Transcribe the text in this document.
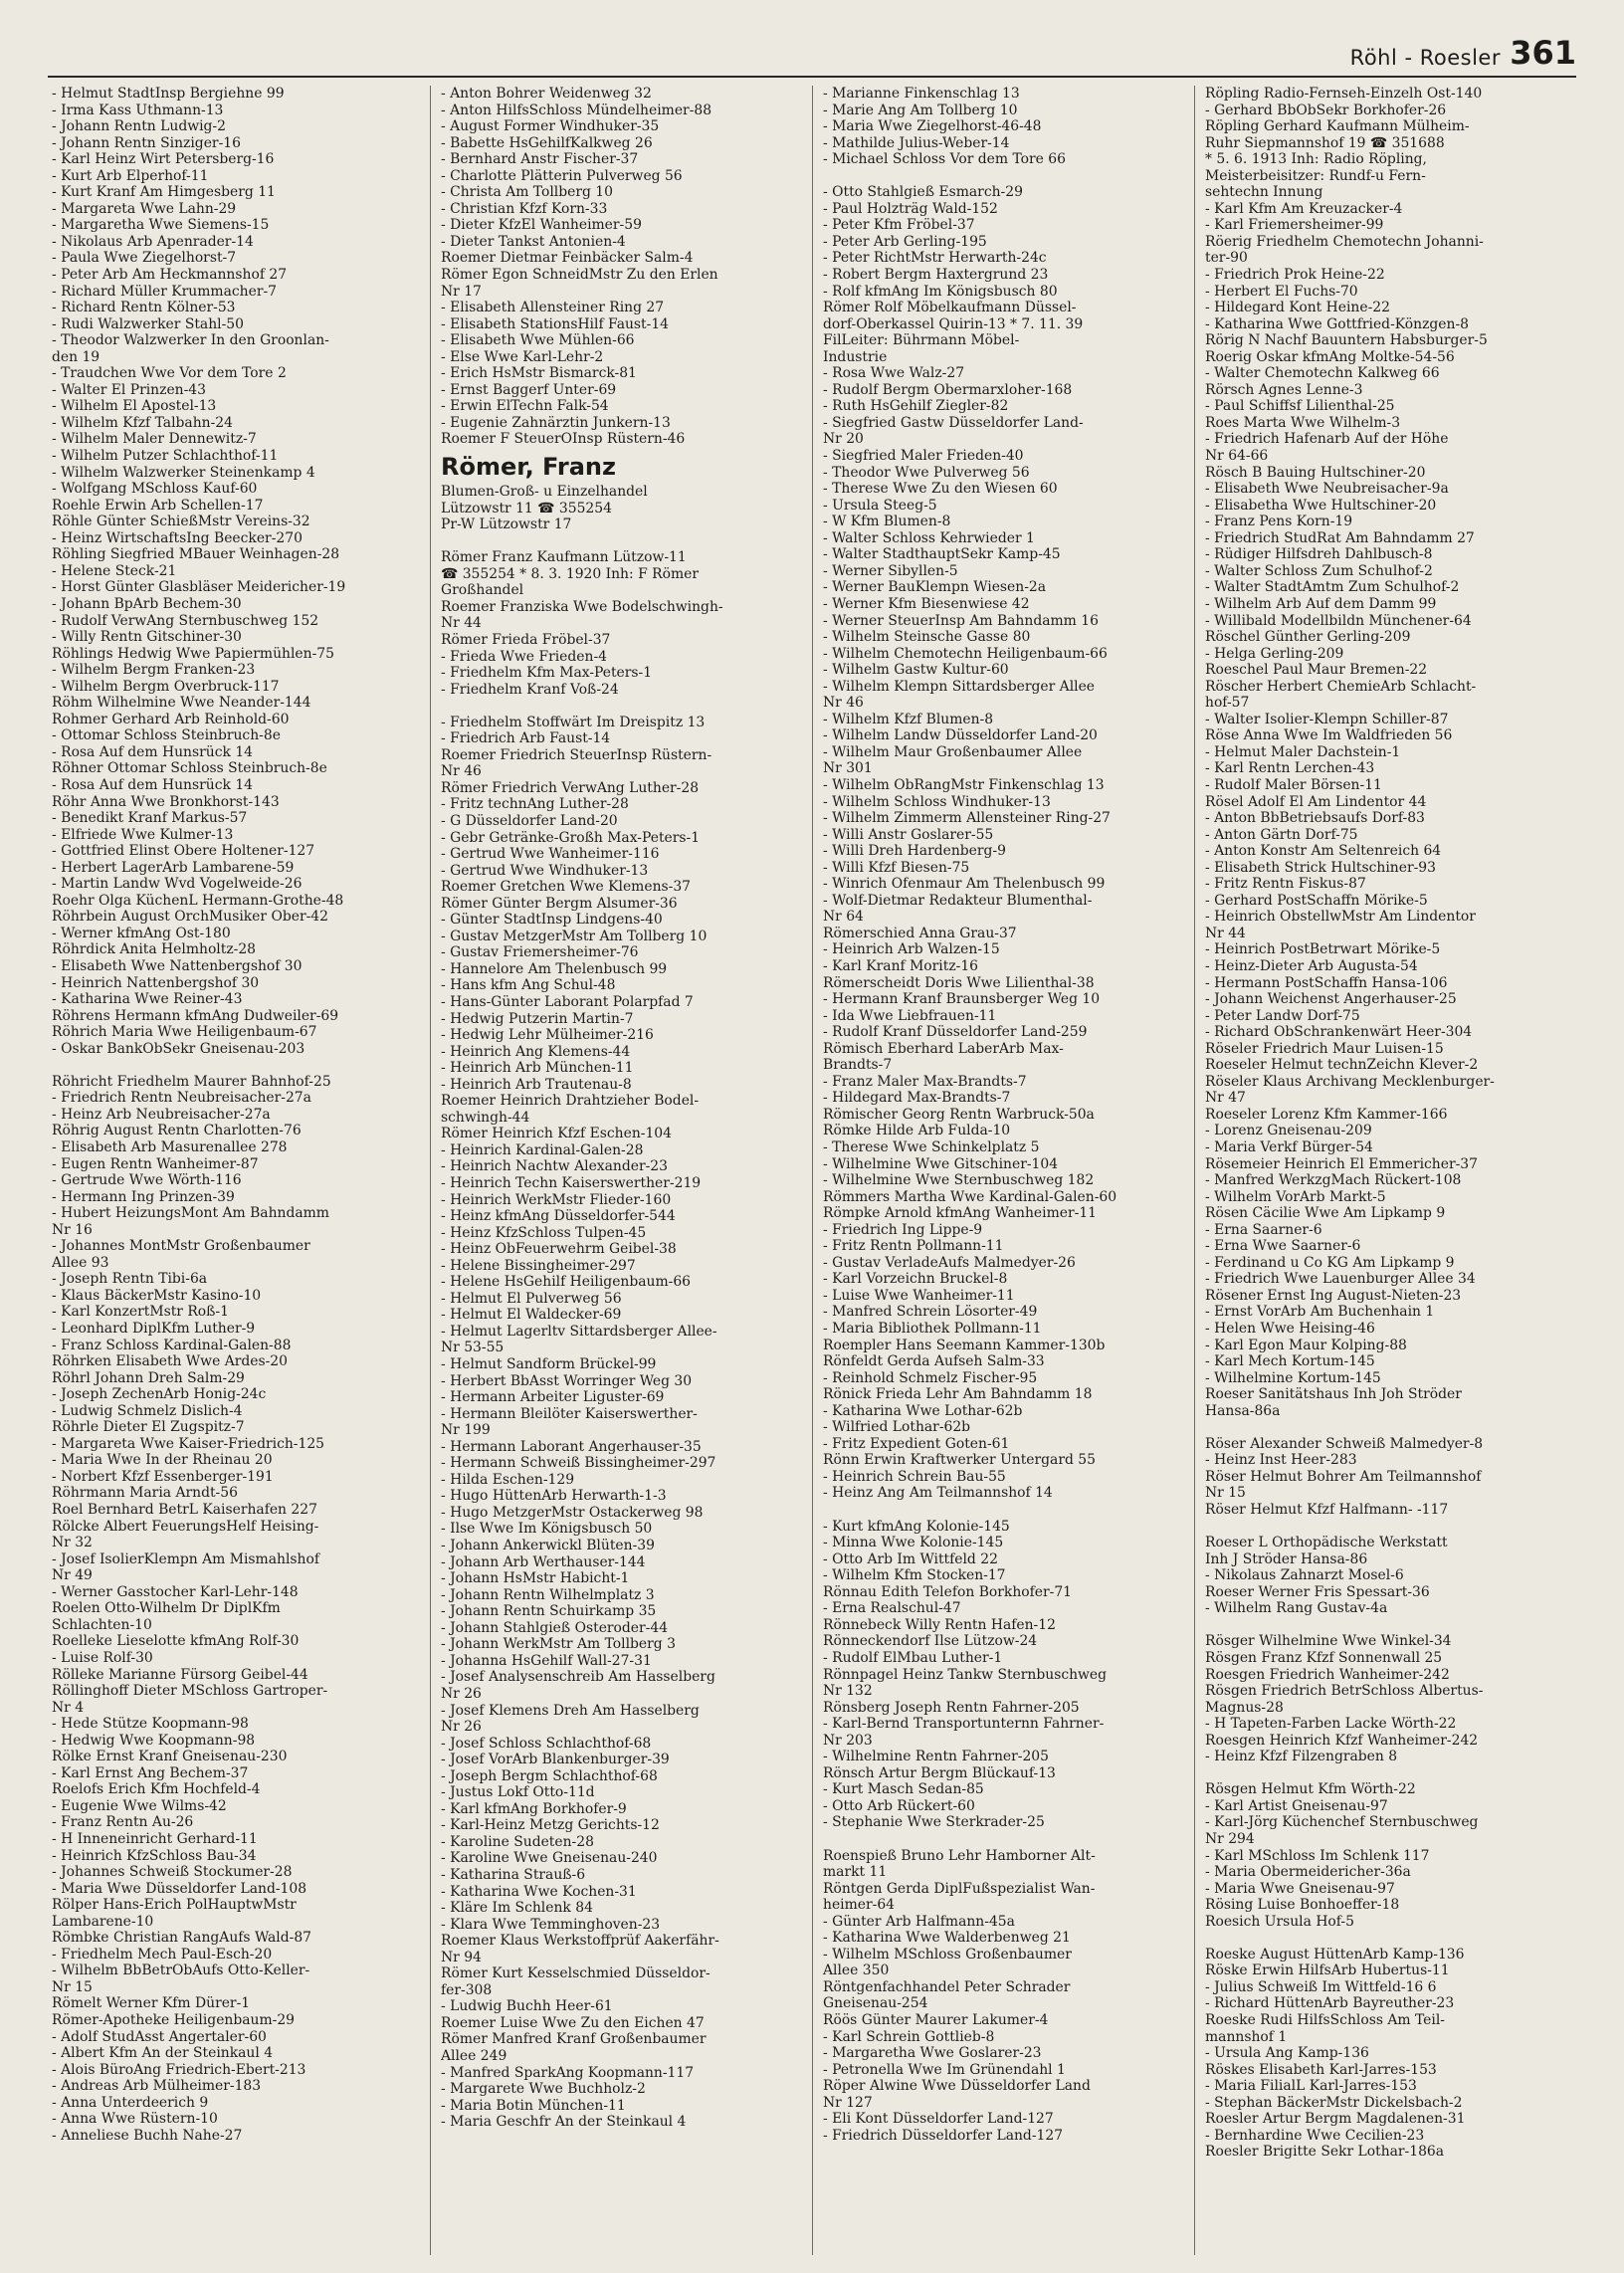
Röhl - Roesler 361
- Helmut StadtInsp Bergiehne 99
- Irma Kass Uthmann-13
- Johann Rentn Ludwig-2
- Johann Rentn Sinziger-16
- Karl Heinz Wirt Petersberg-16
- Kurt Arb Elperhof-11
- Kurt Kranf Am Himgesberg 11
- Margareta Wwe Lahn-29
- Margaretha Wwe Siemens-15
- Nikolaus Arb Apenrader-14
- Paula Wwe Ziegelhorst-7
- Peter Arb Am Heckmannshof 27
- Richard Müller Krummacher-7
- Richard Rentn Kölner-53
- Rudi Walzwerker Stahl-50
- Theodor Walzwerker In den Groonlan-
den 19
- Traudchen Wwe Vor dem Tore 2
- Walter El Prinzen-43
- Wilhelm El Apostel-13
- Wilhelm Kfzf Talbahn-24
- Wilhelm Maler Dennewitz-7
- Wilhelm Putzer Schlachthof-11
- Wilhelm Walzwerker Steinenkamp 4
- Wolfgang MSchloss Kauf-60
Roehle Erwin Arb Schellen-17
Röhle Günter SchießMstr Vereins-32
- Heinz WirtschaftsIng Beecker-270
Röhling Siegfried MBauer Weinhagen-28
- Helene Steck-21
- Horst Günter Glasbläser Meidericher-19
- Johann BpArb Bechem-30
- Rudolf VerwAng Sternbuschweg 152
- Willy Rentn Gitschiner-30
Röhlings Hedwig Wwe Papiermühlen-75
- Wilhelm Bergm Franken-23
- Wilhelm Bergm Overbruck-117
Röhm Wilhelmine Wwe Neander-144
Rohmer Gerhard Arb Reinhold-60
- Ottomar Schloss Steinbruch-8e
- Rosa Auf dem Hunsrück 14
Röhner Ottomar Schloss Steinbruch-8e
- Rosa Auf dem Hunsrück 14
Röhr Anna Wwe Bronkhorst-143
- Benedikt Kranf Markus-57
- Elfriede Wwe Kulmer-13
- Gottfried Elinst Obere Holtener-127
- Herbert LagerArb Lambarene-59
- Martin Landw Wvd Vogelweide-26
Roehr Olga KüchenL Hermann-Grothe-48
Röhrbein August OrchMusiker Ober-42
- Werner kfmAng Ost-180
Röhrdick Anita Helmholtz-28
- Elisabeth Wwe Nattenbergshof 30
- Heinrich Nattenbergshof 30
- Katharina Wwe Reiner-43
Röhrens Hermann kfmAng Dudweiler-69
Röhrich Maria Wwe Heiligenbaum-67
- Oskar BankObSekr Gneisenau-203
Röhricht Friedhelm Maurer Bahnhof-25
- Friedrich Rentn Neubreisacher-27a
- Heinz Arb Neubreisacher-27a
Röhrig August Rentn Charlotten-76
- Elisabeth Arb Masurenallee 278
- Eugen Rentn Wanheimer-87
- Gertrude Wwe Wörth-116
- Hermann Ing Prinzen-39
- Hubert HeizungsMont Am Bahndamm
Nr 16
- Johannes MontMstr Großenbaumer
Allee 93
- Joseph Rentn Tibi-6a
- Klaus BäckerMstr Kasino-10
- Karl KonzertMstr Roß-1
- Leonhard DiplKfm Luther-9
- Franz Schloss Kardinal-Galen-88
Röhrken Elisabeth Wwe Ardes-20
Röhrl Johann Dreh Salm-29
- Joseph ZechenArb Honig-24c
- Ludwig Schmelz Dislich-4
Röhrle Dieter El Zugspitz-7
- Margareta Wwe Kaiser-Friedrich-125
- Maria Wwe In der Rheinau 20
- Norbert Kfzf Essenberger-191
Röhrmann Maria Arndt-56
Roel Bernhard BetrL Kaiserhafen 227
Rölcke Albert FeuerungsHelf Heising-
Nr 32
- Josef IsolierKlempn Am Mismahlshof
Nr 49
- Werner Gasstocher Karl-Lehr-148
Roelen Otto-Wilhelm Dr DiplKfm
Schlachten-10
Roelleke Lieselotte kfmAng Rolf-30
- Luise Rolf-30
Rölleke Marianne Fürsorg Geibel-44
Röllinghoff Dieter MSchloss Gartroper-
Nr 4
- Hede Stütze Koopmann-98
- Hedwig Wwe Koopmann-98
Rölke Ernst Kranf Gneisenau-230
- Karl Ernst Ang Bechem-37
Roelofs Erich Kfm Hochfeld-4
- Eugenie Wwe Wilms-42
- Franz Rentn Au-26
- H Inneneinricht Gerhard-11
- Heinrich KfzSchloss Bau-34
- Johannes Schweiß Stockumer-28
- Maria Wwe Düsseldorfer Land-108
Rölper Hans-Erich PolHauptwMstr
Lambarene-10
Römbke Christian RangAufs Wald-87
- Friedhelm Mech Paul-Esch-20
- Wilhelm BbBetrObAufs Otto-Keller-
Nr 15
Römelt Werner Kfm Dürer-1
Römer-Apotheke Heiligenbaum-29
- Adolf StudAsst Angertaler-60
- Albert Kfm An der Steinkaul 4
- Alois BüroAng Friedrich-Ebert-213
- Andreas Arb Mülheimer-183
- Anna Unterdeerich 9
- Anna Wwe Rüstern-10
- Anneliese Buchh Nahe-27
- Anton Bohrer Weidenweg 32
- Anton HilfsSchloss Mündelheimer-88
- August Former Windhuker-35
- Babette HsGehilfKalkweg 26
- Bernhard Anstr Fischer-37
- Charlotte Plätterin Pulverweg 56
- Christa Am Tollberg 10
- Christian Kfzf Korn-33
- Dieter KfzEl Wanheimer-59
- Dieter Tankst Antonien-4
Roemer Dietmar Feinbäcker Salm-4
Römer Egon SchneidMstr Zu den Erlen
Nr 17
- Elisabeth Allensteiner Ring 27
- Elisabeth StationsHilf Faust-14
- Elisabeth Wwe Mühlen-66
- Else Wwe Karl-Lehr-2
- Erich HsMstr Bismarck-81
- Ernst Baggerf Unter-69
- Erwin ElTechn Falk-54
- Eugenie Zahnärztin Junkern-13
Roemer F SteuerOInsp Rüstern-46
Römer, Franz
Blumen-Groß- u Einzelhandel
Lützowstr 11 ☎ 355254
Pr-W Lützowstr 17
Römer Franz Kaufmann Lützow-11
☎ 355254 * 8. 3. 1920 Inh: F Römer
Großhandel
Roemer Franziska Wwe Bodelschwingh-
Nr 44
Römer Frieda Fröbel-37
- Frieda Wwe Frieden-4
- Friedhelm Kfm Max-Peters-1
- Friedhelm Kranf Voß-24
- Friedhelm Stoffwärt Im Dreispitz 13
- Friedrich Arb Faust-14
Roemer Friedrich SteuerInsp Rüstern-
Nr 46
Römer Friedrich VerwAng Luther-28
- Fritz technAng Luther-28
- G Düsseldorfer Land-20
- Gebr Getränke-Großh Max-Peters-1
- Gertrud Wwe Wanheimer-116
- Gertrud Wwe Windhuker-13
Roemer Gretchen Wwe Klemens-37
Römer Günter Bergm Alsumer-36
- Günter StadtInsp Lindgens-40
- Gustav MetzgerMstr Am Tollberg 10
- Gustav Friemersheimer-76
- Hannelore Am Thelenbusch 99
- Hans kfm Ang Schul-48
- Hans-Günter Laborant Polarpfad 7
- Hedwig Putzerin Martin-7
- Hedwig Lehr Mülheimer-216
- Heinrich Ang Klemens-44
- Heinrich Arb München-11
- Heinrich Arb Trautenau-8
Roemer Heinrich Drahtzieher Bodel-
schwingh-44
Römer Heinrich Kfzf Eschen-104
- Heinrich Kardinal-Galen-28
- Heinrich Nachtw Alexander-23
- Heinrich Techn Kaiserswerther-219
- Heinrich WerkMstr Flieder-160
- Heinz kfmAng Düsseldorfer-544
- Heinz KfzSchloss Tulpen-45
- Heinz ObFeuerwehrm Geibel-38
- Helene Bissingheimer-297
- Helene HsGehilf Heiligenbaum-66
- Helmut El Pulverweg 56
- Helmut El Waldecker-69
- Helmut Lagerltv Sittardsberger Allee-
Nr 53-55
- Helmut Sandform Brückel-99
- Herbert BbAsst Worringer Weg 30
- Hermann Arbeiter Liguster-69
- Hermann Bleilöter Kaiserswerther-
Nr 199
- Hermann Laborant Angerhauser-35
- Hermann Schweiß Bissingheimer-297
- Hilda Eschen-129
- Hugo HüttenArb Herwarth-1-3
- Hugo MetzgerMstr Ostackerweg 98
- Ilse Wwe Im Königsbusch 50
- Johann Ankerwickl Blüten-39
- Johann Arb Werthauser-144
- Johann HsMstr Habicht-1
- Johann Rentn Wilhelmplatz 3
- Johann Rentn Schuirkamp 35
- Johann Stahlgieß Osteroder-44
- Johann WerkMstr Am Tollberg 3
- Johanna HsGehilf Wall-27-31
- Josef Analysenschreib Am Hasselberg
Nr 26
- Josef Klemens Dreh Am Hasselberg
Nr 26
- Josef Schloss Schlachthof-68
- Josef VorArb Blankenburger-39
- Joseph Bergm Schlachthof-68
- Justus Lokf Otto-11d
- Karl kfmAng Borkhofer-9
- Karl-Heinz Metzg Gerichts-12
- Karoline Sudeten-28
- Karoline Wwe Gneisenau-240
- Katharina Strauß-6
- Katharina Wwe Kochen-31
- Kläre Im Schlenk 84
- Klara Wwe Temminghoven-23
Roemer Klaus Werkstoffprüf Aakerfähr-
Nr 94
Römer Kurt Kesselschmied Düsseldor-
fer-308
- Ludwig Buchh Heer-61
Roemer Luise Wwe Zu den Eichen 47
Römer Manfred Kranf Großenbaumer
Allee 249
- Manfred SparkAng Koopmann-117
- Margarete Wwe Buchholz-2
- Maria Botin München-11
- Maria Geschfr An der Steinkaul 4
- Marianne Finkenschlag 13
- Marie Ang Am Tollberg 10
- Maria Wwe Ziegelhorst-46-48
- Mathilde Julius-Weber-14
- Michael Schloss Vor dem Tore 66
- Otto Stahlgieß Esmarch-29
- Paul Holzträg Wald-152
- Peter Kfm Fröbel-37
- Peter Arb Gerling-195
- Peter RichtMstr Herwarth-24c
- Robert Bergm Haxtergrund 23
- Rolf kfmAng Im Königsbusch 80
Römer Rolf Möbelkaufmann Düssel-
dorf-Oberkassel Quirin-13 * 7. 11. 39
FilLeiter: Bührmann Möbel-
Industrie
- Rosa Wwe Walz-27
- Rudolf Bergm Obermarxloher-168
- Ruth HsGehilf Ziegler-82
- Siegfried Gastw Düsseldorfer Land-
Nr 20
- Siegfried Maler Frieden-40
- Theodor Wwe Pulverweg 56
- Therese Wwe Zu den Wiesen 60
- Ursula Steeg-5
- W Kfm Blumen-8
- Walter Schloss Kehrwieder 1
- Walter StadthauptSekr Kamp-45
- Werner Sibyllen-5
- Werner BauKlempn Wiesen-2a
- Werner Kfm Biesenwiese 42
- Werner SteuerInsp Am Bahndamm 16
- Wilhelm Steinsche Gasse 80
- Wilhelm Chemotechn Heiligenbaum-66
- Wilhelm Gastw Kultur-60
- Wilhelm Klempn Sittardsberger Allee
Nr 46
- Wilhelm Kfzf Blumen-8
- Wilhelm Landw Düsseldorfer Land-20
- Wilhelm Maur Großenbaumer Allee
Nr 301
- Wilhelm ObRangMstr Finkenschlag 13
- Wilhelm Schloss Windhuker-13
- Wilhelm Zimmerm Allensteiner Ring-27
- Willi Anstr Goslarer-55
- Willi Dreh Hardenberg-9
- Willi Kfzf Biesen-75
- Winrich Ofenmaur Am Thelenbusch 99
- Wolf-Dietmar Redakteur Blumenthal-
Nr 64
Römerschied Anna Grau-37
- Heinrich Arb Walzen-15
- Karl Kranf Moritz-16
Römerscheidt Doris Wwe Lilienthal-38
- Hermann Kranf Braunsberger Weg 10
- Ida Wwe Liebfrauen-11
- Rudolf Kranf Düsseldorfer Land-259
Römisch Eberhard LaberArb Max-
Brandts-7
- Franz Maler Max-Brandts-7
- Hildegard Max-Brandts-7
Römischer Georg Rentn Warbruck-50a
Römke Hilde Arb Fulda-10
- Therese Wwe Schinkelplatz 5
- Wilhelmine Wwe Gitschiner-104
- Wilhelmine Wwe Sternbuschweg 182
Römmers Martha Wwe Kardinal-Galen-60
Römpke Arnold kfmAng Wanheimer-11
- Friedrich Ing Lippe-9
- Fritz Rentn Pollmann-11
- Gustav VerladeAufs Malmedyer-26
- Karl Vorzeichn Bruckel-8
- Luise Wwe Wanheimer-11
- Manfred Schrein Lösorter-49
- Maria Bibliothek Pollmann-11
Roempler Hans Seemann Kammer-130b
Rönfeldt Gerda Aufseh Salm-33
- Reinhold Schmelz Fischer-95
Rönick Frieda Lehr Am Bahndamm 18
- Katharina Wwe Lothar-62b
- Wilfried Lothar-62b
- Fritz Expedient Goten-61
Rönn Erwin Kraftwerker Untergard 55
- Heinrich Schrein Bau-55
- Heinz Ang Am Teilmannshof 14
- Kurt kfmAng Kolonie-145
- Minna Wwe Kolonie-145
- Otto Arb Im Wittfeld 22
- Wilhelm Kfm Stocken-17
Rönnau Edith Telefon Borkhofer-71
- Erna Realschul-47
Rönnebeck Willy Rentn Hafen-12
Rönneckendorf Ilse Lützow-24
- Rudolf ElMbau Luther-1
Rönnpagel Heinz Tankw Sternbuschweg
Nr 132
Rönsberg Joseph Rentn Fahrner-205
- Karl-Bernd Transportunternn Fahrner-
Nr 203
- Wilhelmine Rentn Fahrner-205
Rönsch Artur Bergm Blückauf-13
- Kurt Masch Sedan-85
- Otto Arb Rückert-60
- Stephanie Wwe Sterkrader-25
Roenspieß Bruno Lehr Hamborner Alt-
markt 11
Röntgen Gerda DiplFußspezialist Wan-
heimer-64
- Günter Arb Halfmann-45a
- Katharina Wwe Walderbenweg 21
- Wilhelm MSchloss Großenbaumer
Allee 350
Röntgenfachhandel Peter Schrader
Gneisenau-254
Röös Günter Maurer Lakumer-4
- Karl Schrein Gottlieb-8
- Margaretha Wwe Goslarer-23
- Petronella Wwe Im Grünendahl 1
Röper Alwine Wwe Düsseldorfer Land
Nr 127
- Eli Kont Düsseldorfer Land-127
- Friedrich Düsseldorfer Land-127
Röpling Radio-Fernseh-Einzelh Ost-140
- Gerhard BbObSekr Borkhofer-26
Röpling Gerhard Kaufmann Mülheim-
Ruhr Siepmannshof 19 ☎ 351688
* 5. 6. 1913 Inh: Radio Röpling,
Meisterbeisitzer: Rundf-u Fern-
sehtechn Innung
- Karl Kfm Am Kreuzacker-4
- Karl Friemersheimer-99
Röerig Friedhelm Chemotechn Johanni-
ter-90
- Friedrich Prok Heine-22
- Herbert El Fuchs-70
- Hildegard Kont Heine-22
- Katharina Wwe Gottfried-Könzgen-8
Rörig N Nachf Bauuntern Habsburger-5
Roerig Oskar kfmAng Moltke-54-56
- Walter Chemotechn Kalkweg 66
Rörsch Agnes Lenne-3
- Paul Schiffsf Lilienthal-25
Roes Marta Wwe Wilhelm-3
- Friedrich Hafenarb Auf der Höhe
Nr 64-66
Rösch B Bauing Hultschiner-20
- Elisabeth Wwe Neubreisacher-9a
- Elisabetha Wwe Hultschiner-20
- Franz Pens Korn-19
- Friedrich StudRat Am Bahndamm 27
- Rüdiger Hilfsdreh Dahlbusch-8
- Walter Schloss Zum Schulhof-2
- Walter StadtAmtm Zum Schulhof-2
- Wilhelm Arb Auf dem Damm 99
- Willibald Modellbildn Münchener-64
Röschel Günther Gerling-209
- Helga Gerling-209
Roeschel Paul Maur Bremen-22
Röscher Herbert ChemieArb Schlacht-
hof-57
- Walter Isolier-Klempn Schiller-87
Röse Anna Wwe Im Waldfrieden 56
- Helmut Maler Dachstein-1
- Karl Rentn Lerchen-43
- Rudolf Maler Börsen-11
Rösel Adolf El Am Lindentor 44
- Anton BbBetriebsaufs Dorf-83
- Anton Gärtn Dorf-75
- Anton Konstr Am Seltenreich 64
- Elisabeth Strick Hultschiner-93
- Fritz Rentn Fiskus-87
- Gerhard PostSchaffn Mörike-5
- Heinrich ObstellwMstr Am Lindentor
Nr 44
- Heinrich PostBetrwart Mörike-5
- Heinz-Dieter Arb Augusta-54
- Hermann PostSchaffn Hansa-106
- Johann Weichenst Angerhauser-25
- Peter Landw Dorf-75
- Richard ObSchrankenwärt Heer-304
Röseler Friedrich Maur Luisen-15
Roeseler Helmut technZeichn Klever-2
Röseler Klaus Archivang Mecklenburger-
Nr 47
Roeseler Lorenz Kfm Kammer-166
- Lorenz Gneisenau-209
- Maria Verkf Bürger-54
Rösemeier Heinrich El Emmericher-37
- Manfred WerkzgMach Rückert-108
- Wilhelm VorArb Markt-5
Rösen Cäcilie Wwe Am Lipkamp 9
- Erna Saarner-6
- Erna Wwe Saarner-6
- Ferdinand u Co KG Am Lipkamp 9
- Friedrich Wwe Lauenburger Allee 34
Rösener Ernst Ing August-Nieten-23
- Ernst VorArb Am Buchenhain 1
- Helen Wwe Heising-46
- Karl Egon Maur Kolping-88
- Karl Mech Kortum-145
- Wilhelmine Kortum-145
Roeser Sanitätshaus Inh Joh Ströder
Hansa-86a
Röser Alexander Schweiß Malmedyer-8
- Heinz Inst Heer-283
Röser Helmut Bohrer Am Teilmannshof
Nr 15
Röser Helmut Kfzf Halfmann- -117
Roeser L Orthopädische Werkstatt
Inh J Ströder Hansa-86
- Nikolaus Zahnarzt Mosel-6
Roeser Werner Fris Spessart-36
- Wilhelm Rang Gustav-4a
Rösger Wilhelmine Wwe Winkel-34
Rösgen Franz Kfzf Sonnenwall 25
Roesgen Friedrich Wanheimer-242
Rösgen Friedrich BetrSchloss Albertus-
Magnus-28
- H Tapeten-Farben Lacke Wörth-22
Roesgen Heinrich Kfzf Wanheimer-242
- Heinz Kfzf Filzengraben 8
Rösgen Helmut Kfm Wörth-22
- Karl Artist Gneisenau-97
- Karl-Jörg Küchenchef Sternbuschweg
Nr 294
- Karl MSchloss Im Schlenk 117
- Maria Obermeidericher-36a
- Maria Wwe Gneisenau-97
Rösing Luise Bonhoeffer-18
Roesich Ursula Hof-5
Roeske August HüttenArb Kamp-136
Röske Erwin HilfsArb Hubertus-11
- Julius Schweiß Im Wittfeld-16 6
- Richard HüttenArb Bayreuther-23
Roeske Rudi HilfsSchloss Am Teil-
mannshof 1
- Ursula Ang Kamp-136
Röskes Elisabeth Karl-Jarres-153
- Maria FilialL Karl-Jarres-153
- Stephan BäckerMstr Dickelsbach-2
Roesler Artur Bergm Magdalenen-31
- Bernhardine Wwe Cecilien-23
Roesler Brigitte Sekr Lothar-186a
